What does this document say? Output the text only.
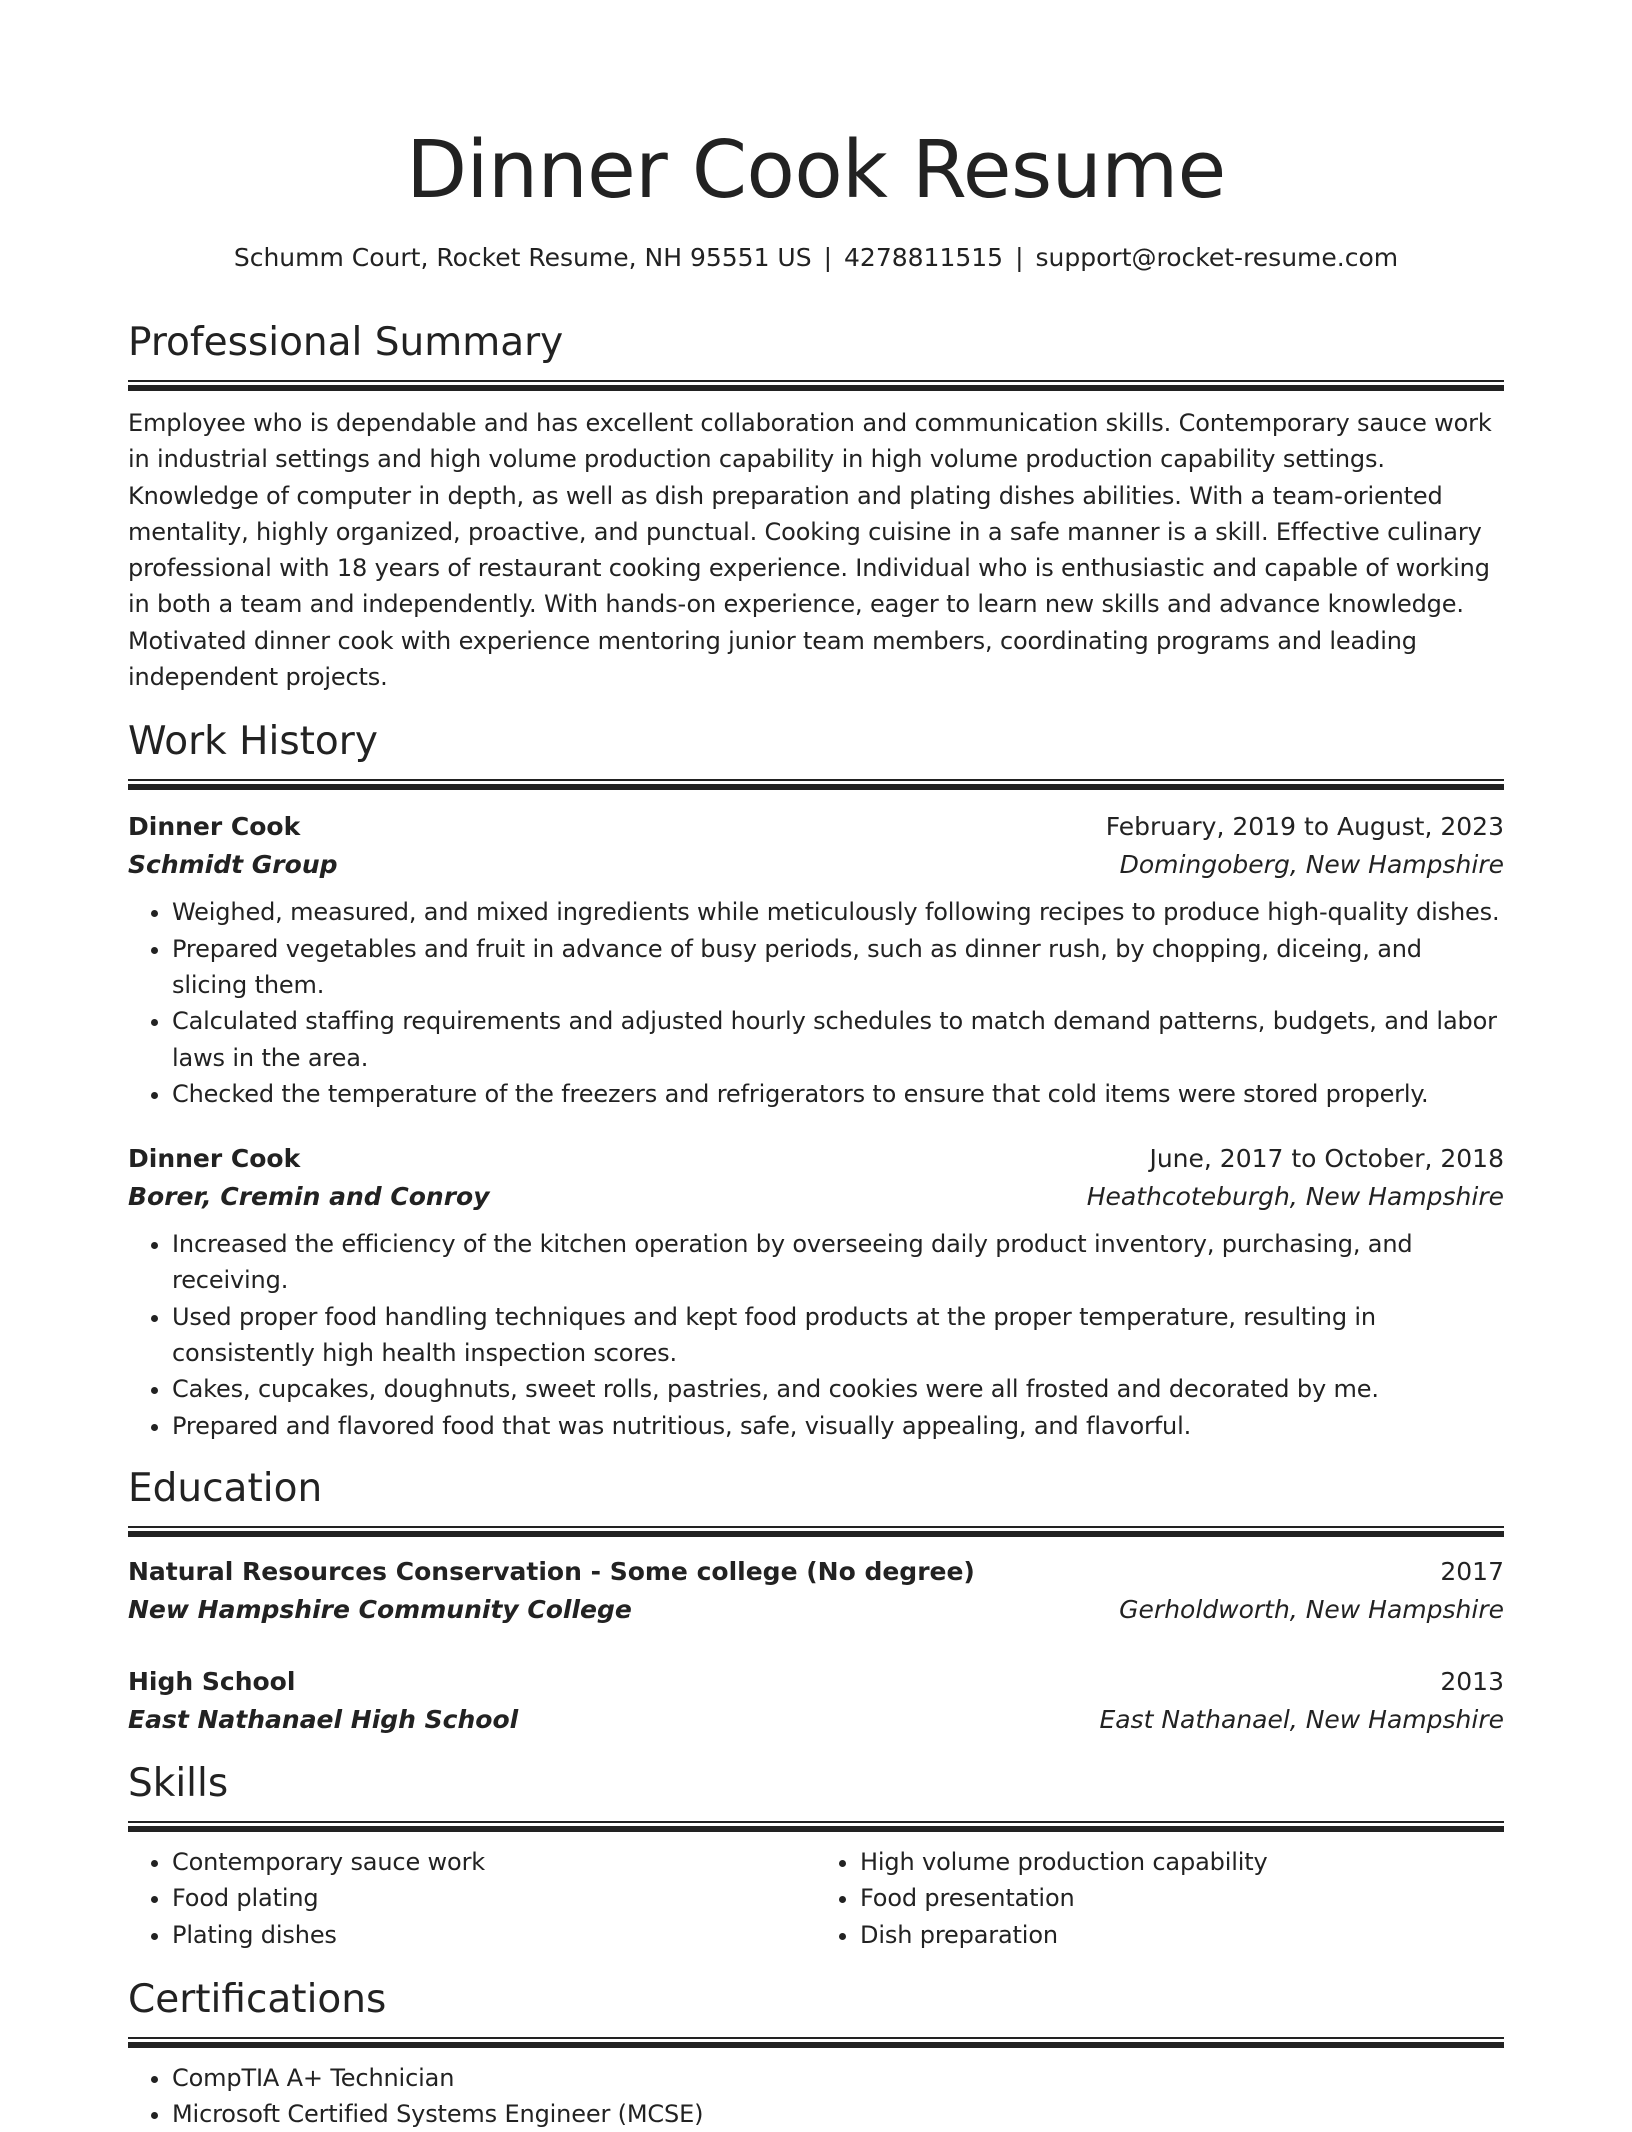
Dinner Cook Resume
Schumm Court, Rocket Resume, NH 95551 US | 4278811515 | support@rocket-resume.com
Professional Summary

Employee who is dependable and has excellent collaboration and communication skills. Contemporary sauce work in industrial settings and high volume production capability in high volume production capability settings. Knowledge of computer in depth, as well as dish preparation and plating dishes abilities. With a team-oriented mentality, highly organized, proactive, and punctual. Cooking cuisine in a safe manner is a skill. Effective culinary professional with 18 years of restaurant cooking experience. Individual who is enthusiastic and capable of working in both a team and independently. With hands-on experience, eager to learn new skills and advance knowledge. Motivated dinner cook with experience mentoring junior team members, coordinating programs and leading independent projects.

Work History
Dinner Cook	February, 2019 to August, 2023
Schmidt Group	Domingoberg, New Hampshire
• Weighed, measured, and mixed ingredients while meticulously following recipes to produce high-quality dishes.
• Prepared vegetables and fruit in advance of busy periods, such as dinner rush, by chopping, diceing, and slicing them.
• Calculated staffing requirements and adjusted hourly schedules to match demand patterns, budgets, and labor laws in the area.
• Checked the temperature of the freezers and refrigerators to ensure that cold items were stored properly.
Dinner Cook	June, 2017 to October, 2018
Borer, Cremin and Conroy	Heathcoteburgh, New Hampshire
• Increased the efficiency of the kitchen operation by overseeing daily product inventory, purchasing, and receiving.
• Used proper food handling techniques and kept food products at the proper temperature, resulting in consistently high health inspection scores.
• Cakes, cupcakes, doughnuts, sweet rolls, pastries, and cookies were all frosted and decorated by me.
• Prepared and flavored food that was nutritious, safe, visually appealing, and flavorful.
Education
Natural Resources Conservation - Some college (No degree)	2017
New Hampshire Community College	Gerholdworth, New Hampshire
High School	2013
East Nathanael High School	East Nathanael, New Hampshire
Skills
• Contemporary sauce work
• Food plating
• Plating dishes
• High volume production capability
• Food presentation
• Dish preparation
Certifications
• CompTIA A+ Technician
• Microsoft Certified Systems Engineer (MCSE)
